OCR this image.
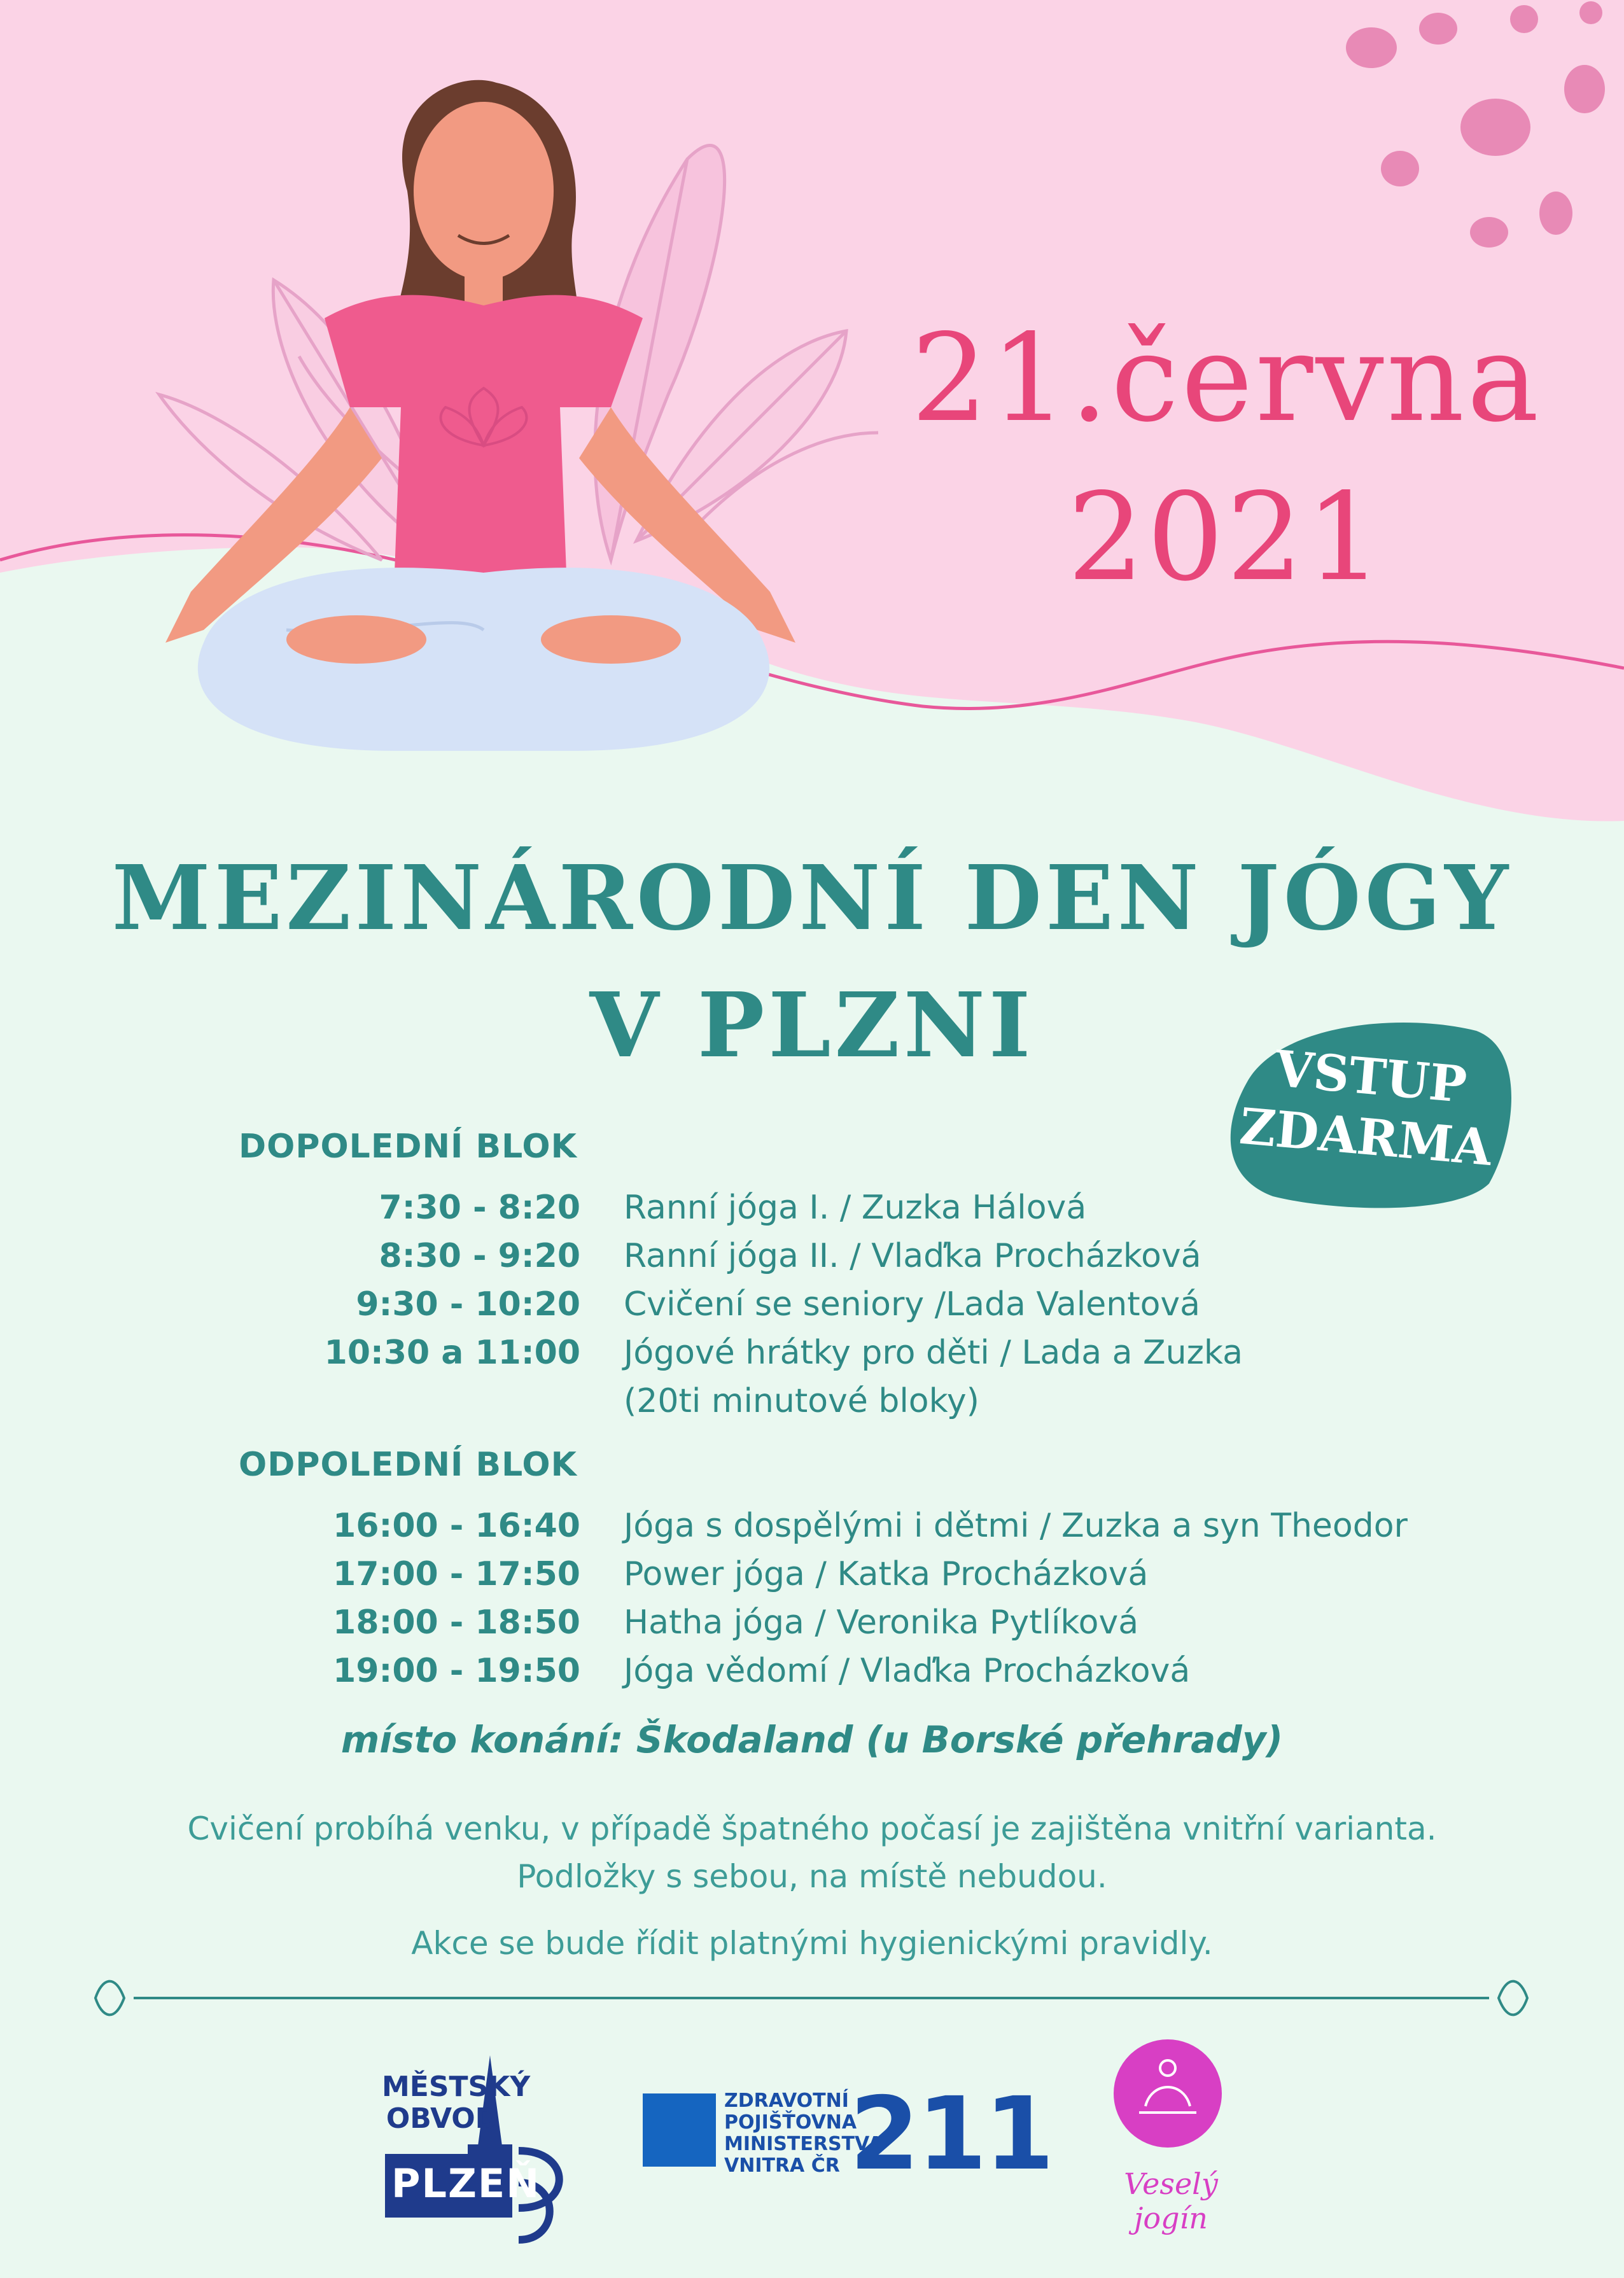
21.června
2021
MEZINÁRODNÍ DEN JÓGY
V PLZNI	VSTUP
ZDARMA
DOPOLEDNÍ BLOK
7:30 - 8:20 Ranní jóga I. / Zuzka Hálová
8:30 - 9:20 Ranní jóga II. / Vlaďka Procházková
9:30 - 10:20 Cvičení se seniory /Lada Valentová
10:30 a 11:00 Jógové hrátky pro děti / Lada a Zuzka
(20ti minutové bloky)
ODPOLEDNÍ BLOK
16:00 - 16:40 Jóga s dospělými i dětmi / Zuzka a syn Theodor
17:00 - 17:50 Power jóga / Katka Procházková
18:00 - 18:50 Hatha jóga / Veronika Pytlíková
19:00 - 19:50 Jóga vědomí / Vlaďka Procházková
místo konání: Škodaland (u Borské přehrady)
Cvičení probíhá venku, v případě špatného počasí je zajištěna vnitřní varianta.
Podložky s sebou, na místě nebudou.
Akce se bude řídit platnými hygienickými pravidly.
MĚSTSKÝ
OBVOD
PLZEŇ
ZDRAVOTNÍ
POJIŠŤOVNA
MINISTERSTVA
VNITRA ČR 211	Veselý jogín
